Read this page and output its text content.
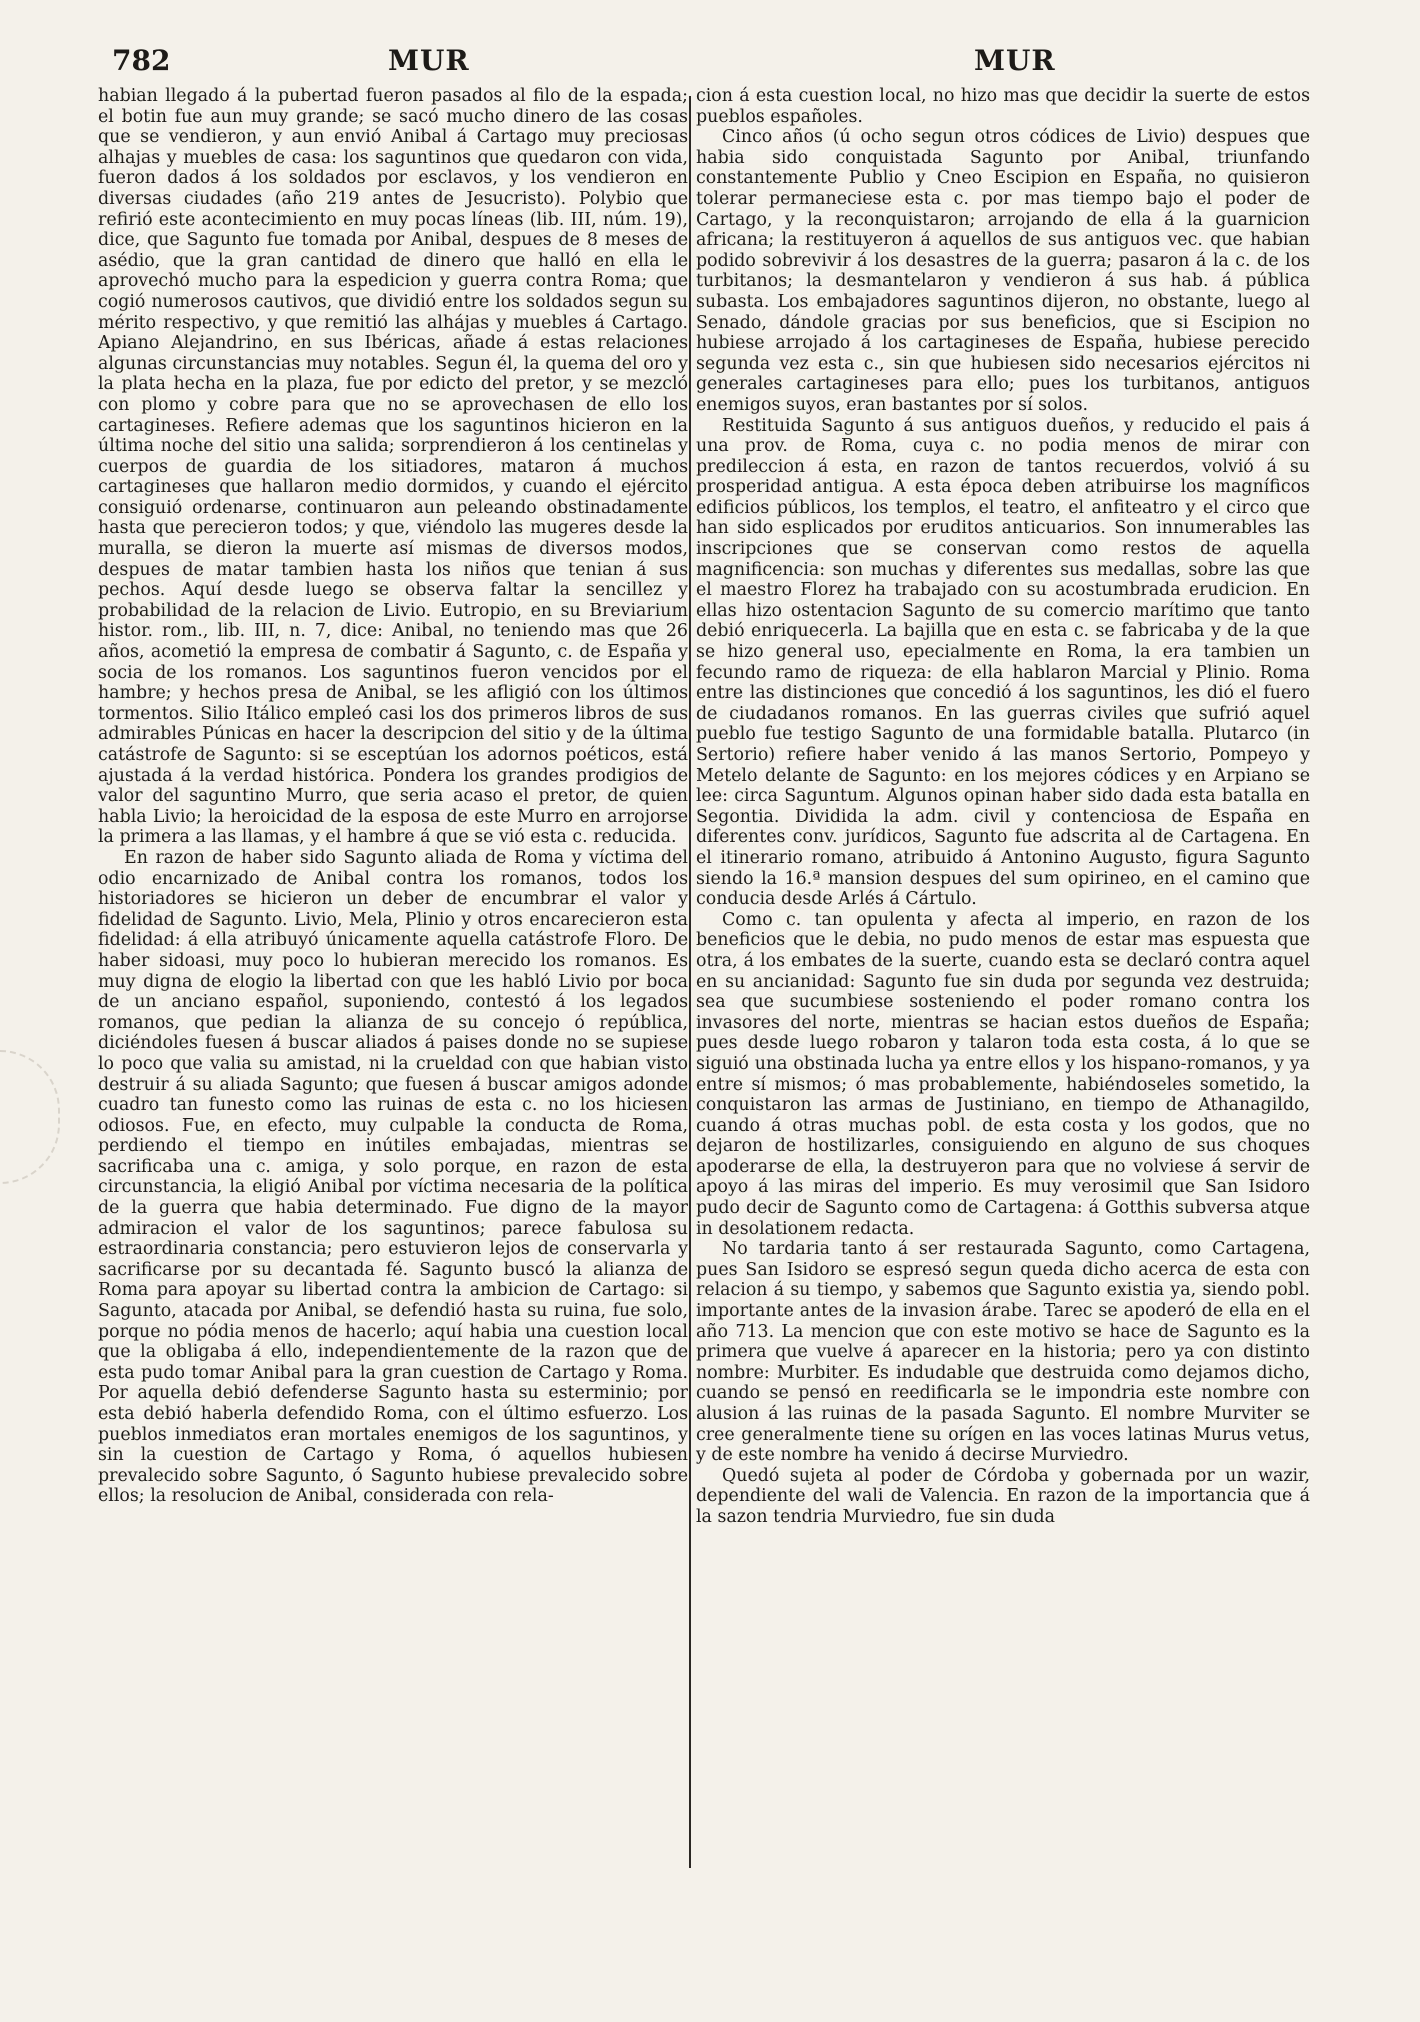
782	MUR	MUR

habian llegado á la pubertad fueron pasados al filo de la espada; el botin fue aun muy grande; se sacó mucho dinero de las cosas que se vendieron, y aun envió Anibal á Cartago muy preciosas alhajas y muebles de casa: los saguntinos que quedaron con vida, fueron dados á los soldados por esclavos, y los vendieron en diversas ciudades (año 219 antes de Jesucristo). Polybio que refirió este acontecimiento en muy pocas líneas (lib. III, núm. 19), dice, que Sagunto fue tomada por Anibal, despues de 8 meses de asédio, que la gran cantidad de dinero que halló en ella le aprovechó mucho para la espedicion y guerra contra Roma; que cogió numerosos cautivos, que dividió entre los soldados segun su mérito respectivo, y que remitió las alhájas y muebles á Cartago. Apiano Alejandrino, en sus Ibéricas, añade á estas relaciones algunas circunstancias muy notables. Segun él, la quema del oro y la plata hecha en la plaza, fue por edicto del pretor, y se mezcló con plomo y cobre para que no se aprovechasen de ello los cartagineses. Refiere ademas que los saguntinos hicieron en la última noche del sitio una salida; sorprendieron á los centinelas y cuerpos de guardia de los sitiadores, mataron á muchos cartagineses que hallaron medio dormidos, y cuando el ejército consiguió ordenarse, continuaron aun peleando obstinadamente hasta que perecieron todos; y que, viéndolo las mugeres desde la muralla, se dieron la muerte así mismas de diversos modos, despues de matar tambien hasta los niños que tenian á sus pechos. Aquí desde luego se observa faltar la sencillez y probabilidad de la relacion de Livio. Eutropio, en su Breviarium histor. rom., lib. III, n. 7, dice: Anibal, no teniendo mas que 26 años, acometió la empresa de combatir á Sagunto, c. de España y socia de los romanos. Los saguntinos fueron vencidos por el hambre; y hechos presa de Anibal, se les afligió con los últimos tormentos. Silio Itálico empleó casi los dos primeros libros de sus admirables Púnicas en hacer la descripcion del sitio y de la última catástrofe de Sagunto: si se esceptúan los adornos poéticos, está ajustada á la verdad histórica. Pondera los grandes prodigios de valor del saguntino Murro, que seria acaso el pretor, de quien habla Livio; la heroicidad de la esposa de este Murro en arrojorse la primera a las llamas, y el hambre á que se vió esta c. reducida.

En razon de haber sido Sagunto aliada de Roma y víctima del odio encarnizado de Anibal contra los romanos, todos los historiadores se hicieron un deber de encumbrar el valor y fidelidad de Sagunto. Livio, Mela, Plinio y otros encarecieron esta fidelidad: á ella atribuyó únicamente aquella catástrofe Floro. De haber sidoasi, muy poco lo hubieran merecido los romanos. Es muy digna de elogio la libertad con que les habló Livio por boca de un anciano español, suponiendo, contestó á los legados romanos, que pedian la alianza de su concejo ó república, diciéndoles fuesen á buscar aliados á paises donde no se supiese lo poco que valia su amistad, ni la crueldad con que habian visto destruir á su aliada Sagunto; que fuesen á buscar amigos adonde cuadro tan funesto como las ruinas de esta c. no los hiciesen odiosos. Fue, en efecto, muy culpable la conducta de Roma, perdiendo el tiempo en inútiles embajadas, mientras se sacrificaba una c. amiga, y solo porque, en razon de esta circunstancia, la eligió Anibal por víctima necesaria de la política de la guerra que habia determinado. Fue digno de la mayor admiracion el valor de los saguntinos; parece fabulosa su estraordinaria constancia; pero estuvieron lejos de conservarla y sacrificarse por su decantada fé. Sagunto buscó la alianza de Roma para apoyar su libertad contra la ambicion de Cartago: si Sagunto, atacada por Anibal, se defendió hasta su ruina, fue solo, porque no pódia menos de hacerlo; aquí habia una cuestion local que la obligaba á ello, independientemente de la razon que de esta pudo tomar Anibal para la gran cuestion de Cartago y Roma. Por aquella debió defenderse Sagunto hasta su esterminio; por esta debió haberla defendido Roma, con el último esfuerzo. Los pueblos inmediatos eran mortales enemigos de los saguntinos, y sin la cuestion de Cartago y Roma, ó aquellos hubiesen prevalecido sobre Sagunto, ó Sagunto hubiese prevalecido sobre ellos; la resolucion de Anibal, considerada con rela-

cion á esta cuestion local, no hizo mas que decidir la suerte de estos pueblos españoles.

Cinco años (ú ocho segun otros códices de Livio) despues que habia sido conquistada Sagunto por Anibal, triunfando constantemente Publio y Cneo Escipion en España, no quisieron tolerar permaneciese esta c. por mas tiempo bajo el poder de Cartago, y la reconquistaron; arrojando de ella á la guarnicion africana; la restituyeron á aquellos de sus antiguos vec. que habian podido sobrevivir á los desastres de la guerra; pasaron á la c. de los turbitanos; la desmantelaron y vendieron á sus hab. á pública subasta. Los embajadores saguntinos dijeron, no obstante, luego al Senado, dándole gracias por sus beneficios, que si Escipion no hubiese arrojado á los cartagineses de España, hubiese perecido segunda vez esta c., sin que hubiesen sido necesarios ejércitos ni generales cartagineses para ello; pues los turbitanos, antiguos enemigos suyos, eran bastantes por sí solos.

Restituida Sagunto á sus antiguos dueños, y reducido el pais á una prov. de Roma, cuya c. no podia menos de mirar con predileccion á esta, en razon de tantos recuerdos, volvió á su prosperidad antigua. A esta época deben atribuirse los magníficos edificios públicos, los templos, el teatro, el anfiteatro y el circo que han sido esplicados por eruditos anticuarios. Son innumerables las inscripciones que se conservan como restos de aquella magnificencia: son muchas y diferentes sus medallas, sobre las que el maestro Florez ha trabajado con su acostumbrada erudicion. En ellas hizo ostentacion Sagunto de su comercio marítimo que tanto debió enriquecerla. La bajilla que en esta c. se fabricaba y de la que se hizo general uso, epecialmente en Roma, la era tambien un fecundo ramo de riqueza: de ella hablaron Marcial y Plinio. Roma entre las distinciones que concedió á los saguntinos, les dió el fuero de ciudadanos romanos. En las guerras civiles que sufrió aquel pueblo fue testigo Sagunto de una formidable batalla. Plutarco (in Sertorio) refiere haber venido á las manos Sertorio, Pompeyo y Metelo delante de Sagunto: en los mejores códices y en Arpiano se lee: circa Saguntum. Algunos opinan haber sido dada esta batalla en Segontia. Dividida la adm. civil y contenciosa de España en diferentes conv. jurídicos, Sagunto fue adscrita al de Cartagena. En el itinerario romano, atribuido á Antonino Augusto, figura Sagunto siendo la 16.ª mansion despues del sum opirineo, en el camino que conducia desde Arlés á Cártulo.

Como c. tan opulenta y afecta al imperio, en razon de los beneficios que le debia, no pudo menos de estar mas espuesta que otra, á los embates de la suerte, cuando esta se declaró contra aquel en su ancianidad: Sagunto fue sin duda por segunda vez destruida; sea que sucumbiese sosteniendo el poder romano contra los invasores del norte, mientras se hacian estos dueños de España; pues desde luego robaron y talaron toda esta costa, á lo que se siguió una obstinada lucha ya entre ellos y los hispano-romanos, y ya entre sí mismos; ó mas probablemente, habiéndoseles sometido, la conquistaron las armas de Justiniano, en tiempo de Athanagildo, cuando á otras muchas pobl. de esta costa y los godos, que no dejaron de hostilizarles, consiguiendo en alguno de sus choques apoderarse de ella, la destruyeron para que no volviese á servir de apoyo á las miras del imperio. Es muy verosimil que San Isidoro pudo decir de Sagunto como de Cartagena: á Gotthis subversa atque in desolationem redacta.

No tardaria tanto á ser restaurada Sagunto, como Cartagena, pues San Isidoro se espresó segun queda dicho acerca de esta con relacion á su tiempo, y sabemos que Sagunto existia ya, siendo pobl. importante antes de la invasion árabe. Tarec se apoderó de ella en el año 713. La mencion que con este motivo se hace de Sagunto es la primera que vuelve á aparecer en la historia; pero ya con distinto nombre: Murbiter. Es indudable que destruida como dejamos dicho, cuando se pensó en reedificarla se le impondria este nombre con alusion á las ruinas de la pasada Sagunto. El nombre Murviter se cree generalmente tiene su orígen en las voces latinas Murus vetus, y de este nombre ha venido á decirse Murviedro.

Quedó sujeta al poder de Córdoba y gobernada por un wazir, dependiente del wali de Valencia. En razon de la importancia que á la sazon tendria Murviedro, fue sin duda
